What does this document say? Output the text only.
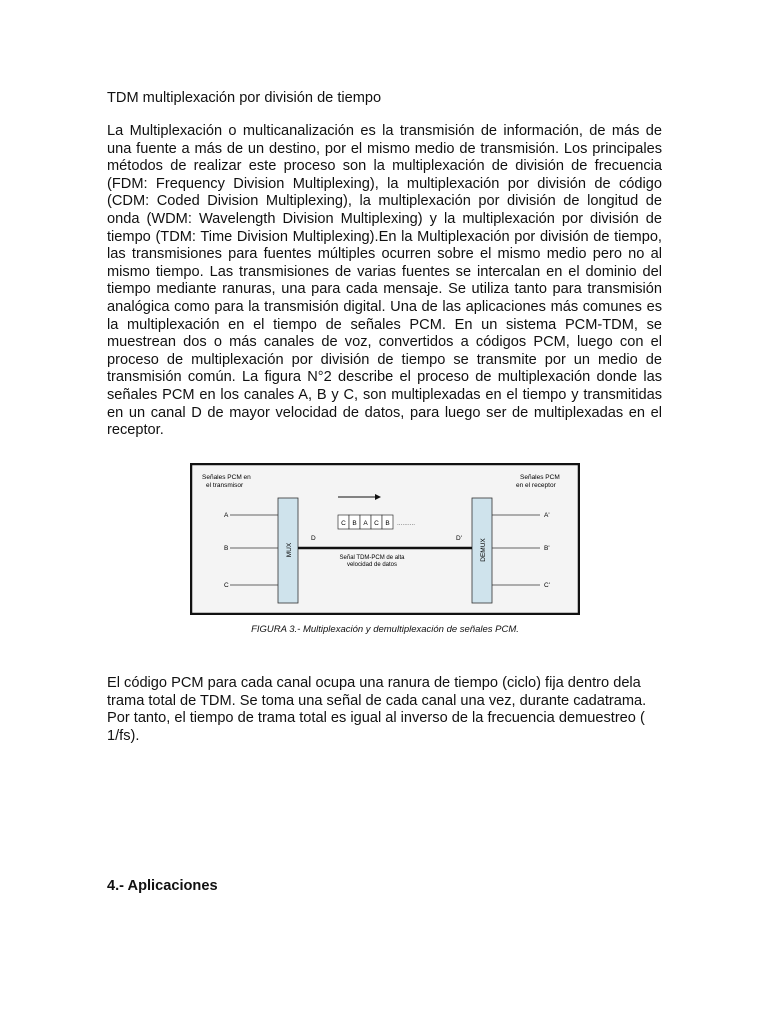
TDM multiplexación por división de tiempo

La Multiplexación o multicanalización es la transmisión de información, de más de una fuente a más de un destino, por el mismo medio de transmisión. Los principales métodos de realizar este proceso son la multiplexación de división de frecuencia (FDM: Frequency Division Multiplexing), la multiplexación por división de código (CDM: Coded Division Multiplexing), la multiplexación por división de longitud de onda (WDM: Wavelength Division Multiplexing) y la multiplexación por división de tiempo (TDM: Time Division Multiplexing).En la Multiplexación por división de tiempo, las transmisiones para fuentes múltiples ocurren sobre el mismo medio pero no al mismo tiempo. Las transmisiones de varias fuentes se intercalan en el dominio del tiempo mediante ranuras, una para cada mensaje. Se utiliza tanto para transmisión analógica como para la transmisión digital. Una de las aplicaciones más comunes es la multiplexación en el tiempo de señales PCM. En un sistema PCM-TDM, se muestrean dos o más canales de voz, convertidos a códigos PCM, luego con el proceso de multiplexación por división de tiempo se transmite por un medio de transmisión común. La figura N°2 describe el proceso de multiplexación donde las señales PCM en los canales A, B y C, son multiplexadas en el tiempo y transmitidas en un canal D de mayor velocidad de datos, para luego ser de multiplexadas en el receptor.

Señales PCM en
el transmisor
Señales PCM
en el receptor
A
B
C
MUX	DEMUX
D	D'
C B A C B ..........
Señal TDM-PCM de alta
velocidad de datos
A'
B'
C'
FIGURA 3.- Multiplexación y demultiplexación de señales PCM.

El código PCM para cada canal ocupa una ranura de tiempo (ciclo) fija dentro dela trama total de TDM. Se toma una señal de cada canal una vez, durante cadatrama. Por tanto, el tiempo de trama total es igual al inverso de la frecuencia demuestreo ( 1/fs).

4.- Aplicaciones
